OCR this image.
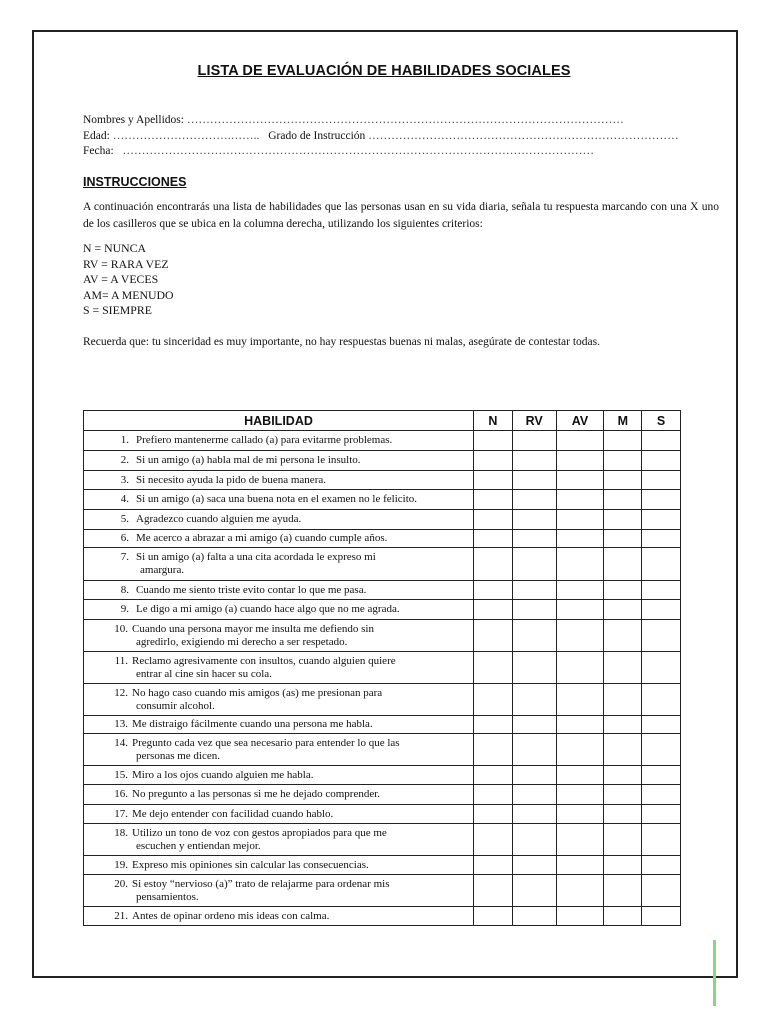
LISTA DE EVALUACIÓN DE HABILIDADES SOCIALES
Nombres y Apellidos: ……………………………………………………………………………………………………
Edad: ………………………….…….. Grado de Instrucción ………………………………………………………………………
Fecha: ……………………………………………………………………………………………………………
INSTRUCCIONES
A continuación encontrarás una lista de habilidades que las personas usan en su vida diaria, señala tu respuesta marcando con una X uno de los casilleros que se ubica en la columna derecha, utilizando los siguientes criterios:
N = NUNCA
RV = RARA VEZ
AV = A VECES
AM= A MENUDO
S = SIEMPRE
Recuerda que: tu sinceridad es muy importante, no hay respuestas buenas ni malas, asegúrate de contestar todas.
HABILIDAD	N	RV	AV	M	S

1. Prefiero mantenerme callado (a) para evitarme problemas.					

2. Si un amigo (a) habla mal de mi persona le insulto.					

3. Si necesito ayuda la pido de buena manera.					

4. Si un amigo (a) saca una buena nota en el examen no le felicito.					

5. Agradezco cuando alguien me ayuda.					

6. Me acerco a abrazar a mi amigo (a) cuando cumple años.					

7. Si un amigo (a) falta a una cita acordada le expreso mi
amargura.					

8. Cuando me siento triste evito contar lo que me pasa.					

9. Le digo a mi amigo (a) cuando hace algo que no me agrada.					

10. Cuando una persona mayor me insulta me defiendo sin
agredirlo, exigiendo mi derecho a ser respetado.					

11. Reclamo agresivamente con insultos, cuando alguien quiere
entrar al cine sin hacer su cola.					

12. No hago caso cuando mis amigos (as) me presionan para
consumir alcohol.					

13. Me distraigo fácilmente cuando una persona me habla.					

14. Pregunto cada vez que sea necesario para entender lo que las
personas me dicen.					

15. Miro a los ojos cuando alguien me habla.					

16. No pregunto a las personas si me he dejado comprender.					

17. Me dejo entender con facilidad cuando hablo.					

18. Utilizo un tono de voz con gestos apropiados para que me
escuchen y entiendan mejor.					

19. Expreso mis opiniones sin calcular las consecuencias.					

20. Si estoy “nervioso (a)” trato de relajarme para ordenar mis
pensamientos.					

21. Antes de opinar ordeno mis ideas con calma.					
